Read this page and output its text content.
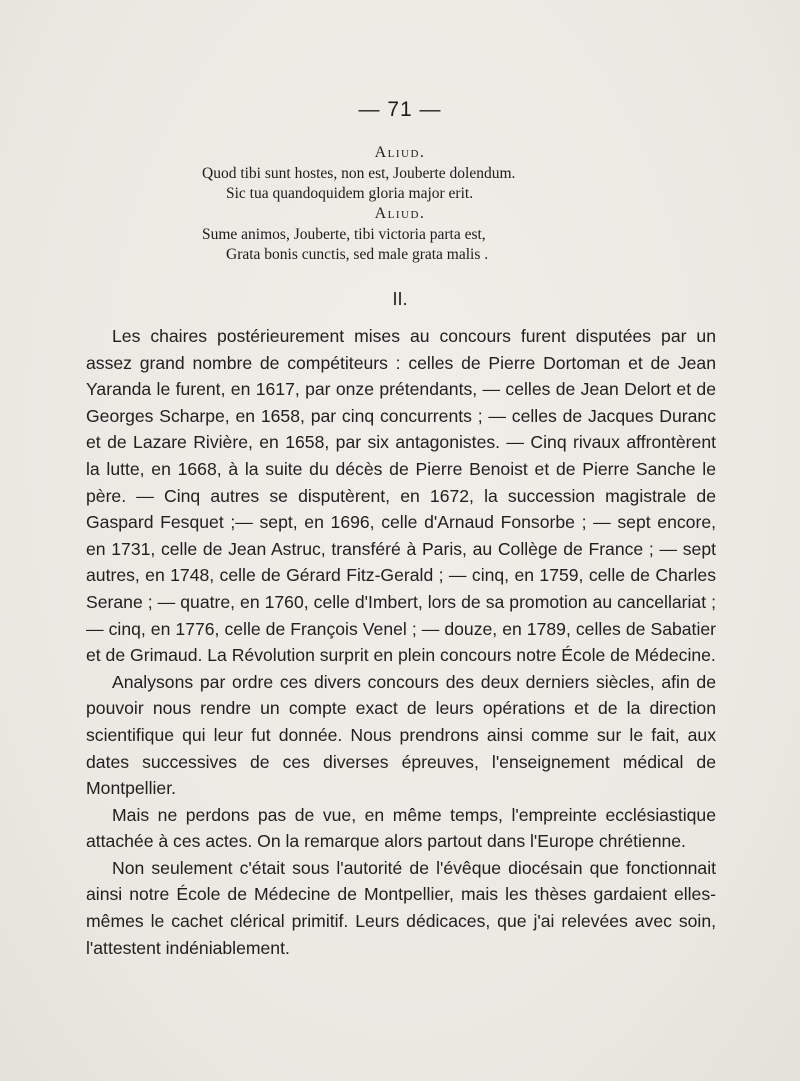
— 71 —
Aliud.
Quod tibi sunt hostes, non est, Jouberte dolendum.
Sic tua quandoquidem gloria major erit.
Aliud.
Sume animos, Jouberte, tibi victoria parta est,
Grata bonis cunctis, sed male grata malis .
II.

Les chaires postérieurement mises au concours furent disputées par un assez grand nombre de compétiteurs : celles de Pierre Dortoman et de Jean Yaranda le furent, en 1617, par onze prétendants, — celles de Jean Delort et de Georges Scharpe, en 1658, par cinq concurrents ; — celles de Jacques Duranc et de Lazare Rivière, en 1658, par six antagonistes. — Cinq rivaux affrontèrent la lutte, en 1668, à la suite du décès de Pierre Benoist et de Pierre Sanche le père. — Cinq autres se disputèrent, en 1672, la succession magistrale de Gaspard Fesquet ;— sept, en 1696, celle d'Arnaud Fonsorbe ; — sept encore, en 1731, celle de Jean Astruc, transféré à Paris, au Collège de France ; — sept autres, en 1748, celle de Gérard Fitz-Gerald ; — cinq, en 1759, celle de Charles Serane ; — quatre, en 1760, celle d'Imbert, lors de sa promotion au cancellariat ; — cinq, en 1776, celle de François Venel ; — douze, en 1789, celles de Sabatier et de Grimaud. La Révolution surprit en plein concours notre École de Médecine.

Analysons par ordre ces divers concours des deux derniers siècles, afin de pouvoir nous rendre un compte exact de leurs opérations et de la direction scientifique qui leur fut donnée. Nous prendrons ainsi comme sur le fait, aux dates successives de ces diverses épreuves, l'enseignement médical de Montpellier.

Mais ne perdons pas de vue, en même temps, l'empreinte ecclésiastique attachée à ces actes. On la remarque alors partout dans l'Europe chrétienne.

Non seulement c'était sous l'autorité de l'évêque diocésain que fonctionnait ainsi notre École de Médecine de Montpellier, mais les thèses gardaient elles-mêmes le cachet clérical primitif. Leurs dédicaces, que j'ai relevées avec soin, l'attestent indéniablement.
